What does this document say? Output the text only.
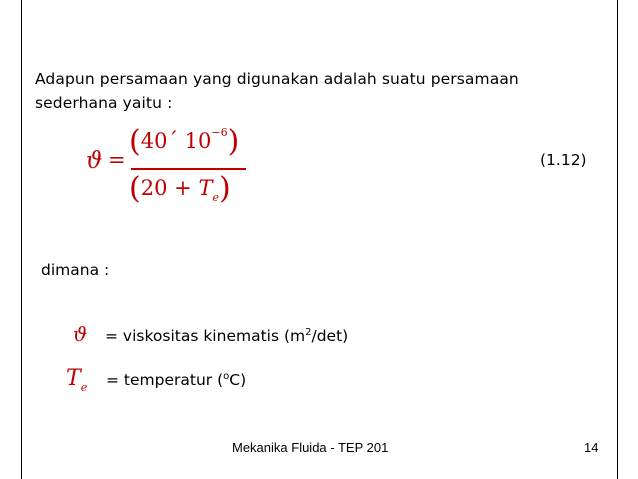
Adapun persamaan yang digunakan adalah suatu persamaan sederhana yaitu :
ϑ =
(40´ $10^{-6}$)
$(20 + T_e)$
(1.12)
dimana :
ϑ = viskositas kinematis $(m^2/\det)$
$T_e$ = temperatur ($^o$C)
Mekanika Fluida - TEP 201	14
